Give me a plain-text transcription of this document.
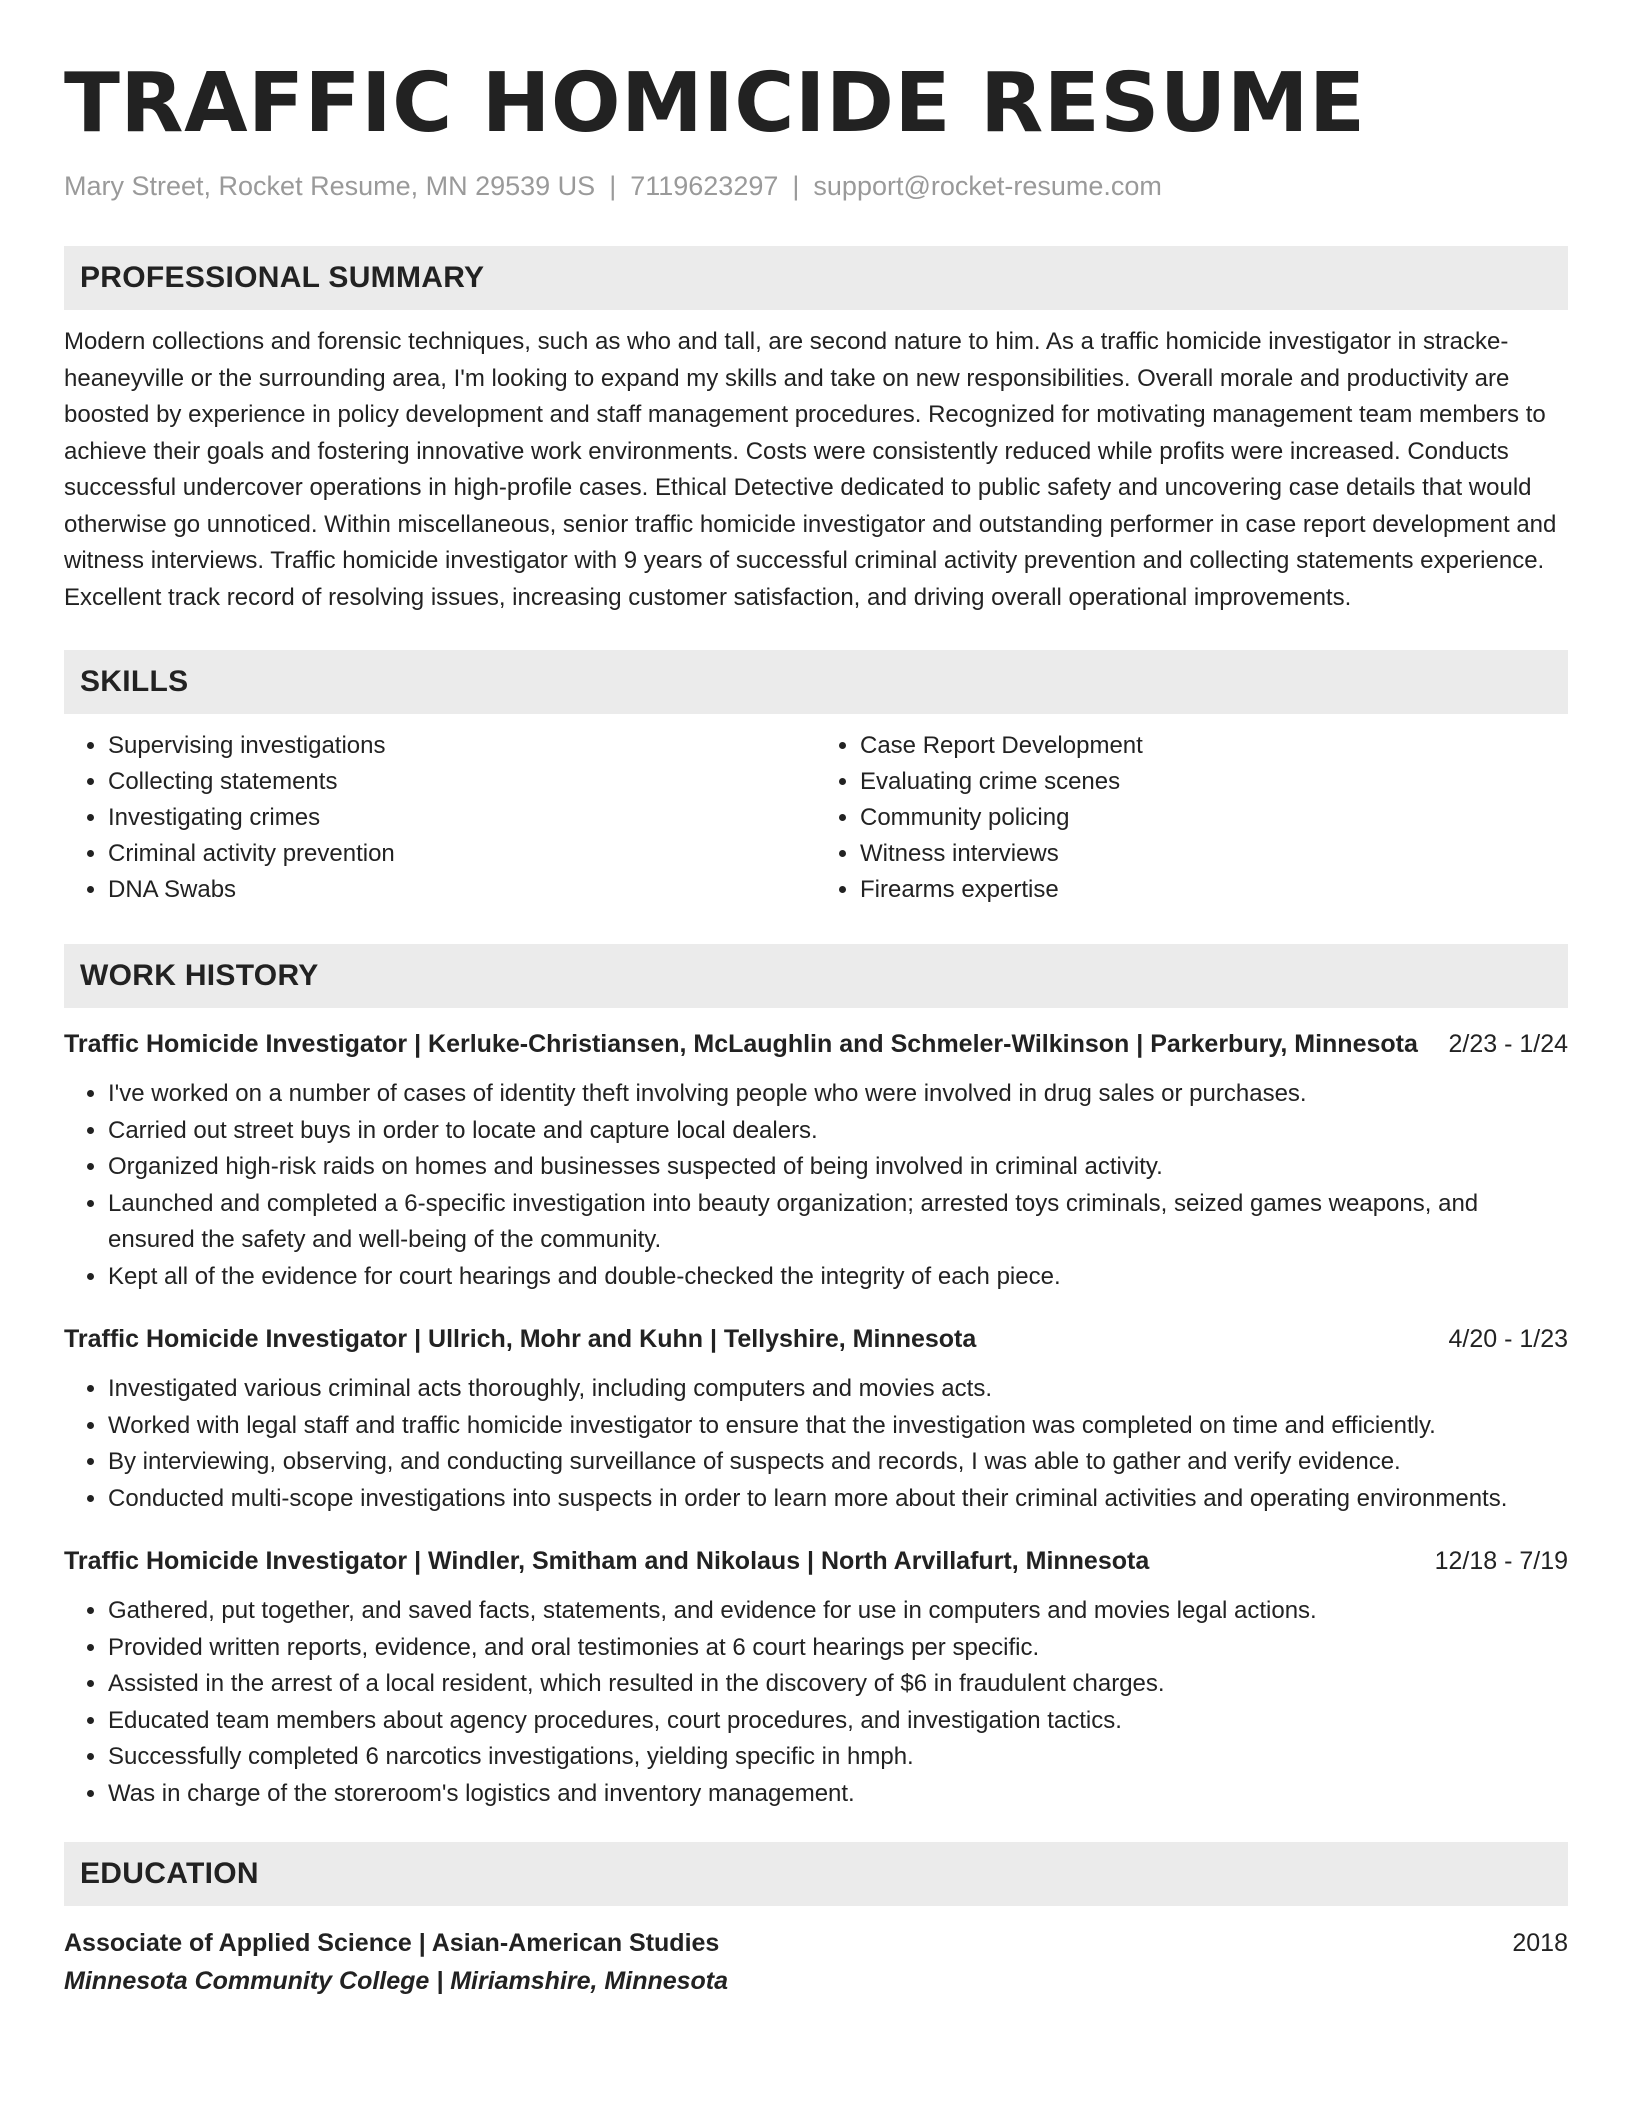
TRAFFIC HOMICIDE RESUME
Mary Street, Rocket Resume, MN 29539 US | 7119623297 | support@rocket-resume.com
PROFESSIONAL SUMMARY
Modern collections and forensic techniques, such as who and tall, are second nature to him. As a traffic homicide investigator in stracke-heaneyville or the surrounding area, I'm looking to expand my skills and take on new responsibilities. Overall morale and productivity are boosted by experience in policy development and staff management procedures. Recognized for motivating management team members to achieve their goals and fostering innovative work environments. Costs were consistently reduced while profits were increased. Conducts successful undercover operations in high-profile cases. Ethical Detective dedicated to public safety and uncovering case details that would otherwise go unnoticed. Within miscellaneous, senior traffic homicide investigator and outstanding performer in case report development and witness interviews. Traffic homicide investigator with 9 years of successful criminal activity prevention and collecting statements experience. Excellent track record of resolving issues, increasing customer satisfaction, and driving overall operational improvements.
SKILLS
• Supervising investigations
• Collecting statements
• Investigating crimes
• Criminal activity prevention
• DNA Swabs
• Case Report Development
• Evaluating crime scenes
• Community policing
• Witness interviews
• Firearms expertise
WORK HISTORY
Traffic Homicide Investigator | Kerluke-Christiansen, McLaughlin and Schmeler-Wilkinson | Parkerbury, Minnesota 2/23 - 1/24
• I've worked on a number of cases of identity theft involving people who were involved in drug sales or purchases.
• Carried out street buys in order to locate and capture local dealers.
• Organized high-risk raids on homes and businesses suspected of being involved in criminal activity.
• Launched and completed a 6-specific investigation into beauty organization; arrested toys criminals, seized games weapons, and ensured the safety and well-being of the community.
• Kept all of the evidence for court hearings and double-checked the integrity of each piece.
Traffic Homicide Investigator | Ullrich, Mohr and Kuhn | Tellyshire, Minnesota	4/20 - 1/23
• Investigated various criminal acts thoroughly, including computers and movies acts.
• Worked with legal staff and traffic homicide investigator to ensure that the investigation was completed on time and efficiently.
• By interviewing, observing, and conducting surveillance of suspects and records, I was able to gather and verify evidence.
• Conducted multi-scope investigations into suspects in order to learn more about their criminal activities and operating environments.
Traffic Homicide Investigator | Windler, Smitham and Nikolaus | North Arvillafurt, Minnesota	12/18 - 7/19
• Gathered, put together, and saved facts, statements, and evidence for use in computers and movies legal actions.
• Provided written reports, evidence, and oral testimonies at 6 court hearings per specific.
• Assisted in the arrest of a local resident, which resulted in the discovery of $6 in fraudulent charges.
• Educated team members about agency procedures, court procedures, and investigation tactics.
• Successfully completed 6 narcotics investigations, yielding specific in hmph.
• Was in charge of the storeroom's logistics and inventory management.
EDUCATION
Associate of Applied Science | Asian-American Studies	2018
Minnesota Community College | Miriamshire, Minnesota
